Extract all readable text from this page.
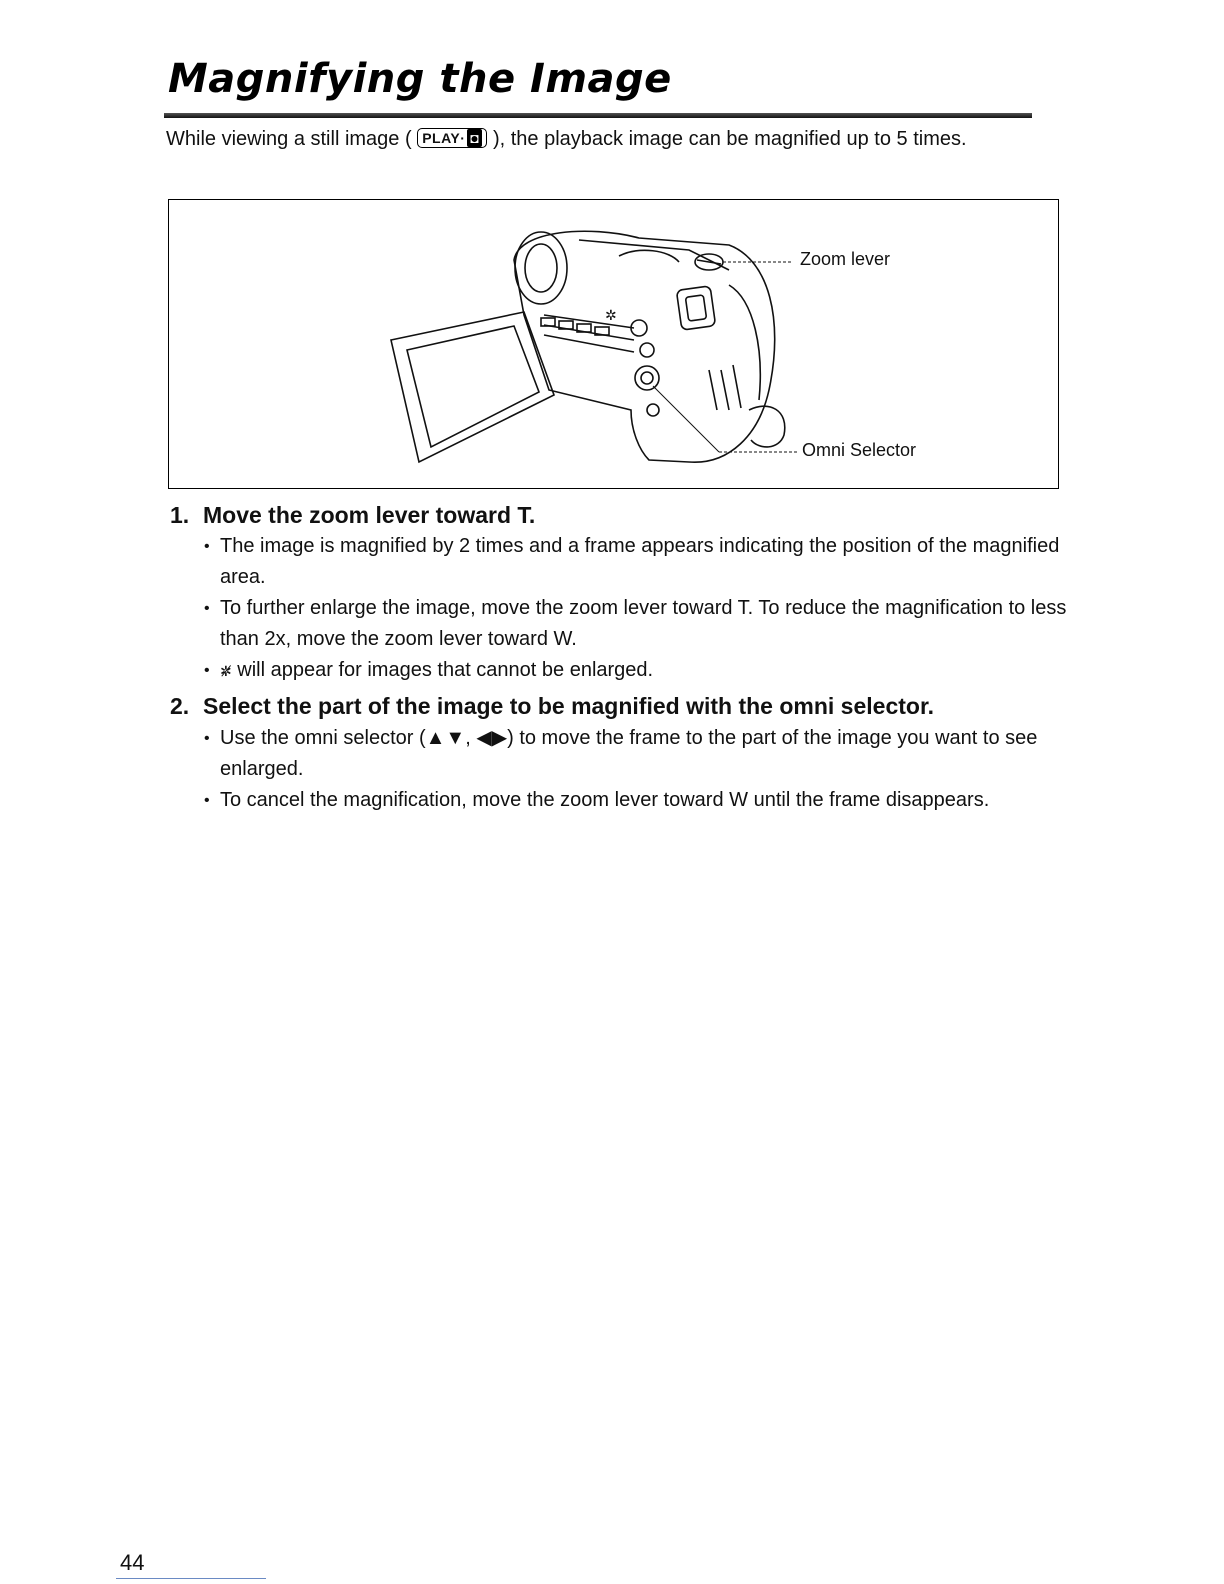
Magnifying the Image

While viewing a still image ( PLAY· ◘ ), the playback image can be magnified up to 5 times.

✲
Zoom lever
Omni Selector
1. Move the zoom lever toward T.
• The image is magnified by 2 times and a frame appears indicating the position of the magnified area.
• To further enlarge the image, move the zoom lever toward T. To reduce the magnification to less than 2x, move the zoom lever toward W.
• ✲̸ will appear for images that cannot be enlarged.
2. Select the part of the image to be magnified with the omni selector.
• Use the omni selector (▲▼, ◀▶) to move the frame to the part of the image you want to see enlarged.
• To cancel the magnification, move the zoom lever toward W until the frame disappears.
44
